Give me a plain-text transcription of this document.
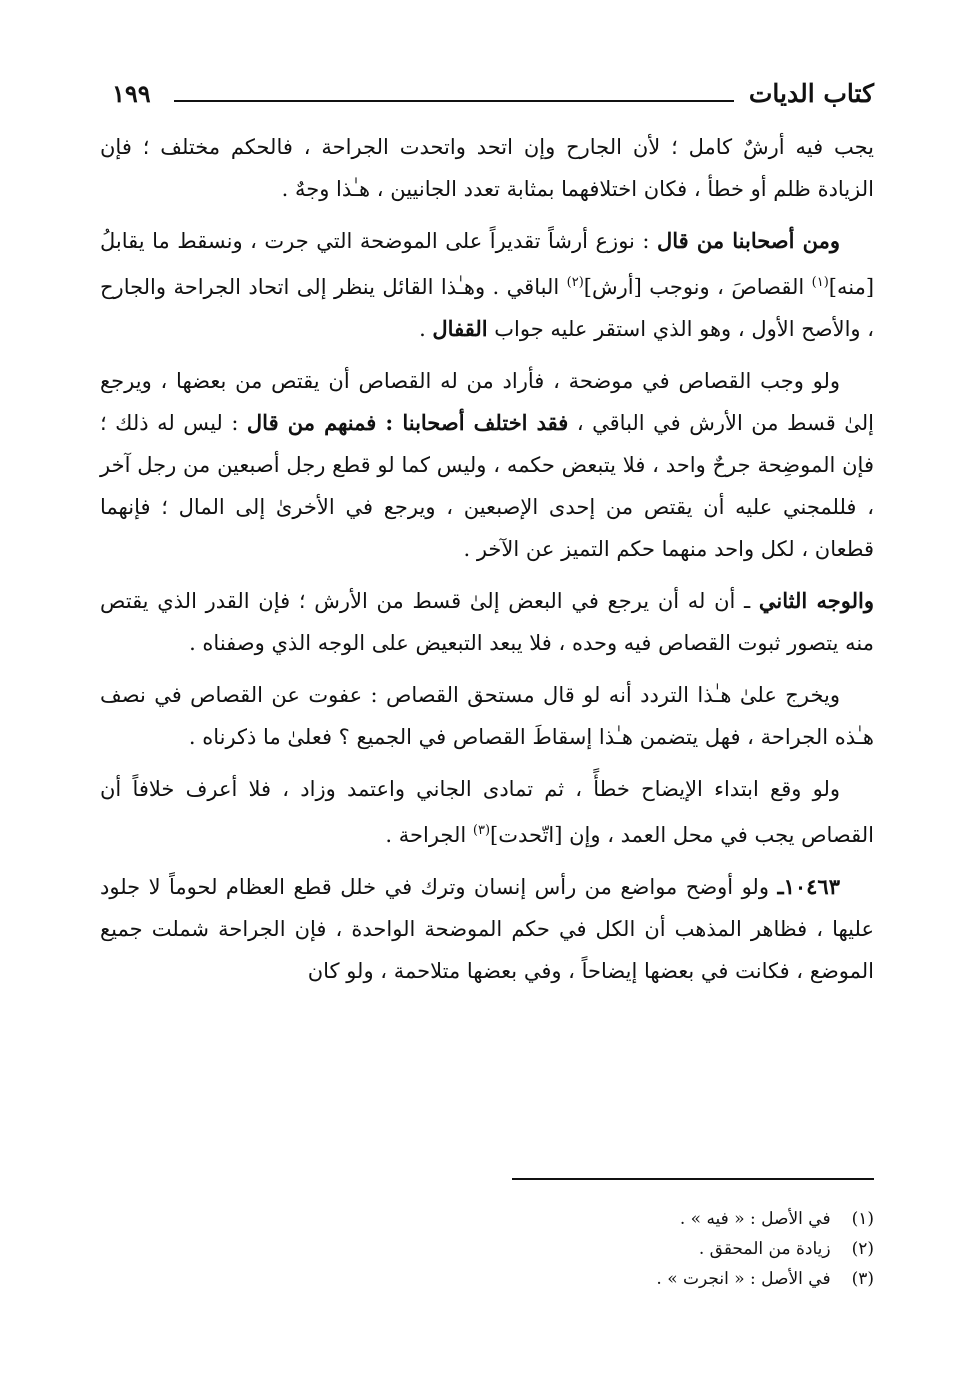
كتاب الديات
١٩٩

يجب فيه أرشٌ كامل ؛ لأن الجارح وإن اتحد واتحدت الجراحة ، فالحكم مختلف ؛ فإن الزيادة ظلم أو خطأ ، فكان اختلافهما بمثابة تعدد الجانيين ، هـٰذا وجهٌ .

ومن أصحابنا من قال : نوزع أرشاً تقديراً على الموضحة التي جرت ، ونسقط ما يقابلُ [منه]$^{(١)}$ القصاصَ ، ونوجب [أرش]$^{(٢)}$ الباقي . وهـٰذا القائل ينظر إلى اتحاد الجراحة والجارح ، والأصح الأول ، وهو الذي استقر عليه جواب القفال .

ولو وجب القصاص في موضحة ، فأراد من له القصاص أن يقتص من بعضها ، ويرجع إلىٰ قسط من الأرش في الباقي ، فقد اختلف أصحابنا : فمنهم من قال : ليس له ذلك ؛ فإن الموضِحة جرحٌ واحد ، فلا يتبعض حكمه ، وليس كما لو قطع رجل أصبعين من رجل آخر ، فللمجني عليه أن يقتص من إحدى الإصبعين ، ويرجع في الأخرىٰ إلى المال ؛ فإنهما قطعان ، لكل واحد منهما حكم التميز عن الآخر .

والوجه الثاني ـ أن له أن يرجع في البعض إلىٰ قسط من الأرش ؛ فإن القدر الذي يقتص منه يتصور ثبوت القصاص فيه وحده ، فلا يبعد التبعيض على الوجه الذي وصفناه .

ويخرج علىٰ هـٰذا التردد أنه لو قال مستحق القصاص : عفوت عن القصاص في نصف هـٰذه الجراحة ، فهل يتضمن هـٰذا إسقاطَ القصاص في الجميع ؟ فعلىٰ ما ذكرناه .

ولو وقع ابتداء الإيضاح خطأً ، ثم تمادى الجاني واعتمد وزاد ، فلا أعرف خلافاً أن القصاص يجب في محل العمد ، وإن [اتّحدت]$^{(٣)}$ الجراحة .

١٠٤٦٣ـ ولو أوضح مواضع من رأس إنسان وترك في خلل قطع العظام لحوماً لا جلود عليها ، فظاهر المذهب أن الكل في حكم الموضحة الواحدة ، فإن الجراحة شملت جميع الموضع ، فكانت في بعضها إيضاحاً ، وفي بعضها متلاحمة ، ولو كان

(١) في الأصل : « فيه » .
(٢) زيادة من المحقق .
(٣) في الأصل : « انجرت » .
